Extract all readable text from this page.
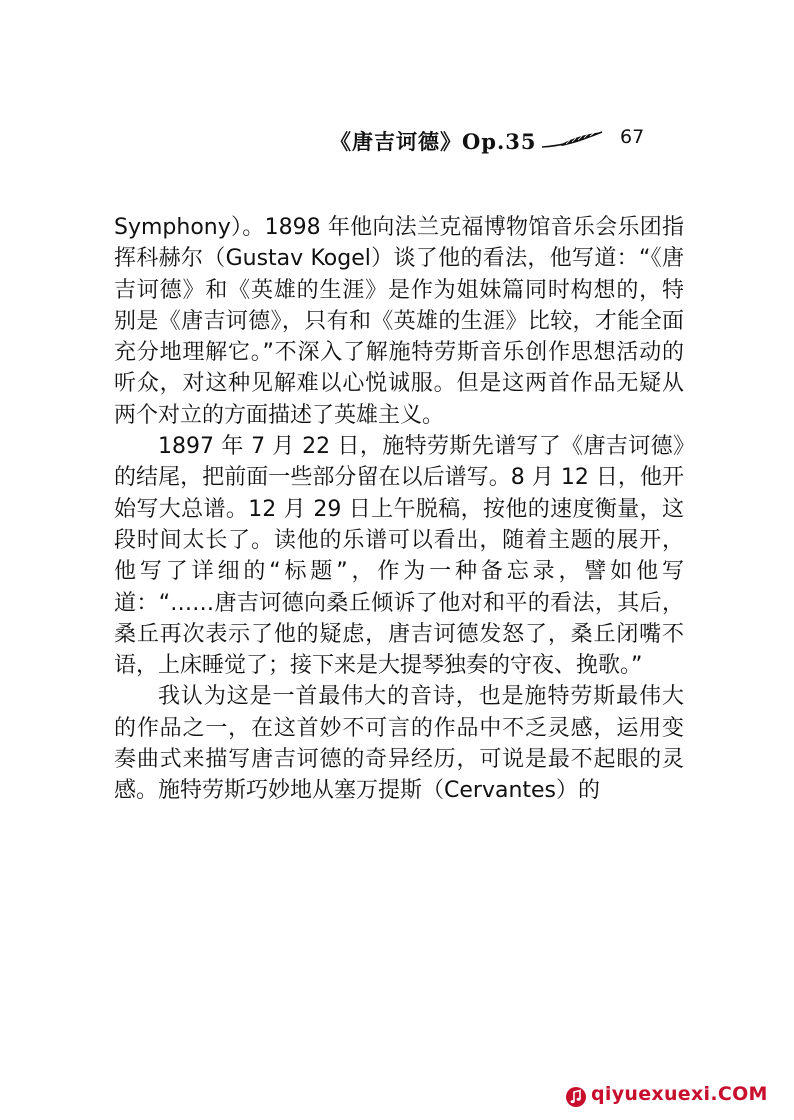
《唐吉诃德》Op.35	67

Symphony）。1898 年他向法兰克福博物馆音乐会乐团指挥科赫尔（Gustav Kogel）谈了他的看法，他写道：“《唐吉诃德》和《英雄的生涯》是作为姐妹篇同时构想的，特别是《唐吉诃德》，只有和《英雄的生涯》比较，才能全面充分地理解它。”不深入了解施特劳斯音乐创作思想活动的听众，对这种见解难以心悦诚服。但是这两首作品无疑从两个对立的方面描述了英雄主义。

1897 年 7 月 22 日，施特劳斯先谱写了《唐吉诃德》的结尾，把前面一些部分留在以后谱写。8 月 12 日，他开始写大总谱。12 月 29 日上午脱稿，按他的速度衡量，这段时间太长了。读他的乐谱可以看出，随着主题的展开，他写了详细的“标题”，作为一种备忘录，譬如他写道：“……唐吉诃德向桑丘倾诉了他对和平的看法，其后，桑丘再次表示了他的疑虑，唐吉诃德发怒了，桑丘闭嘴不语，上床睡觉了；接下来是大提琴独奏的守夜、挽歌。”

我认为这是一首最伟大的音诗，也是施特劳斯最伟大的作品之一，在这首妙不可言的作品中不乏灵感，运用变奏曲式来描写唐吉诃德的奇异经历，可说是最不起眼的灵感。施特劳斯巧妙地从塞万提斯（Cervantes）的

qiyuexuexi.COM
